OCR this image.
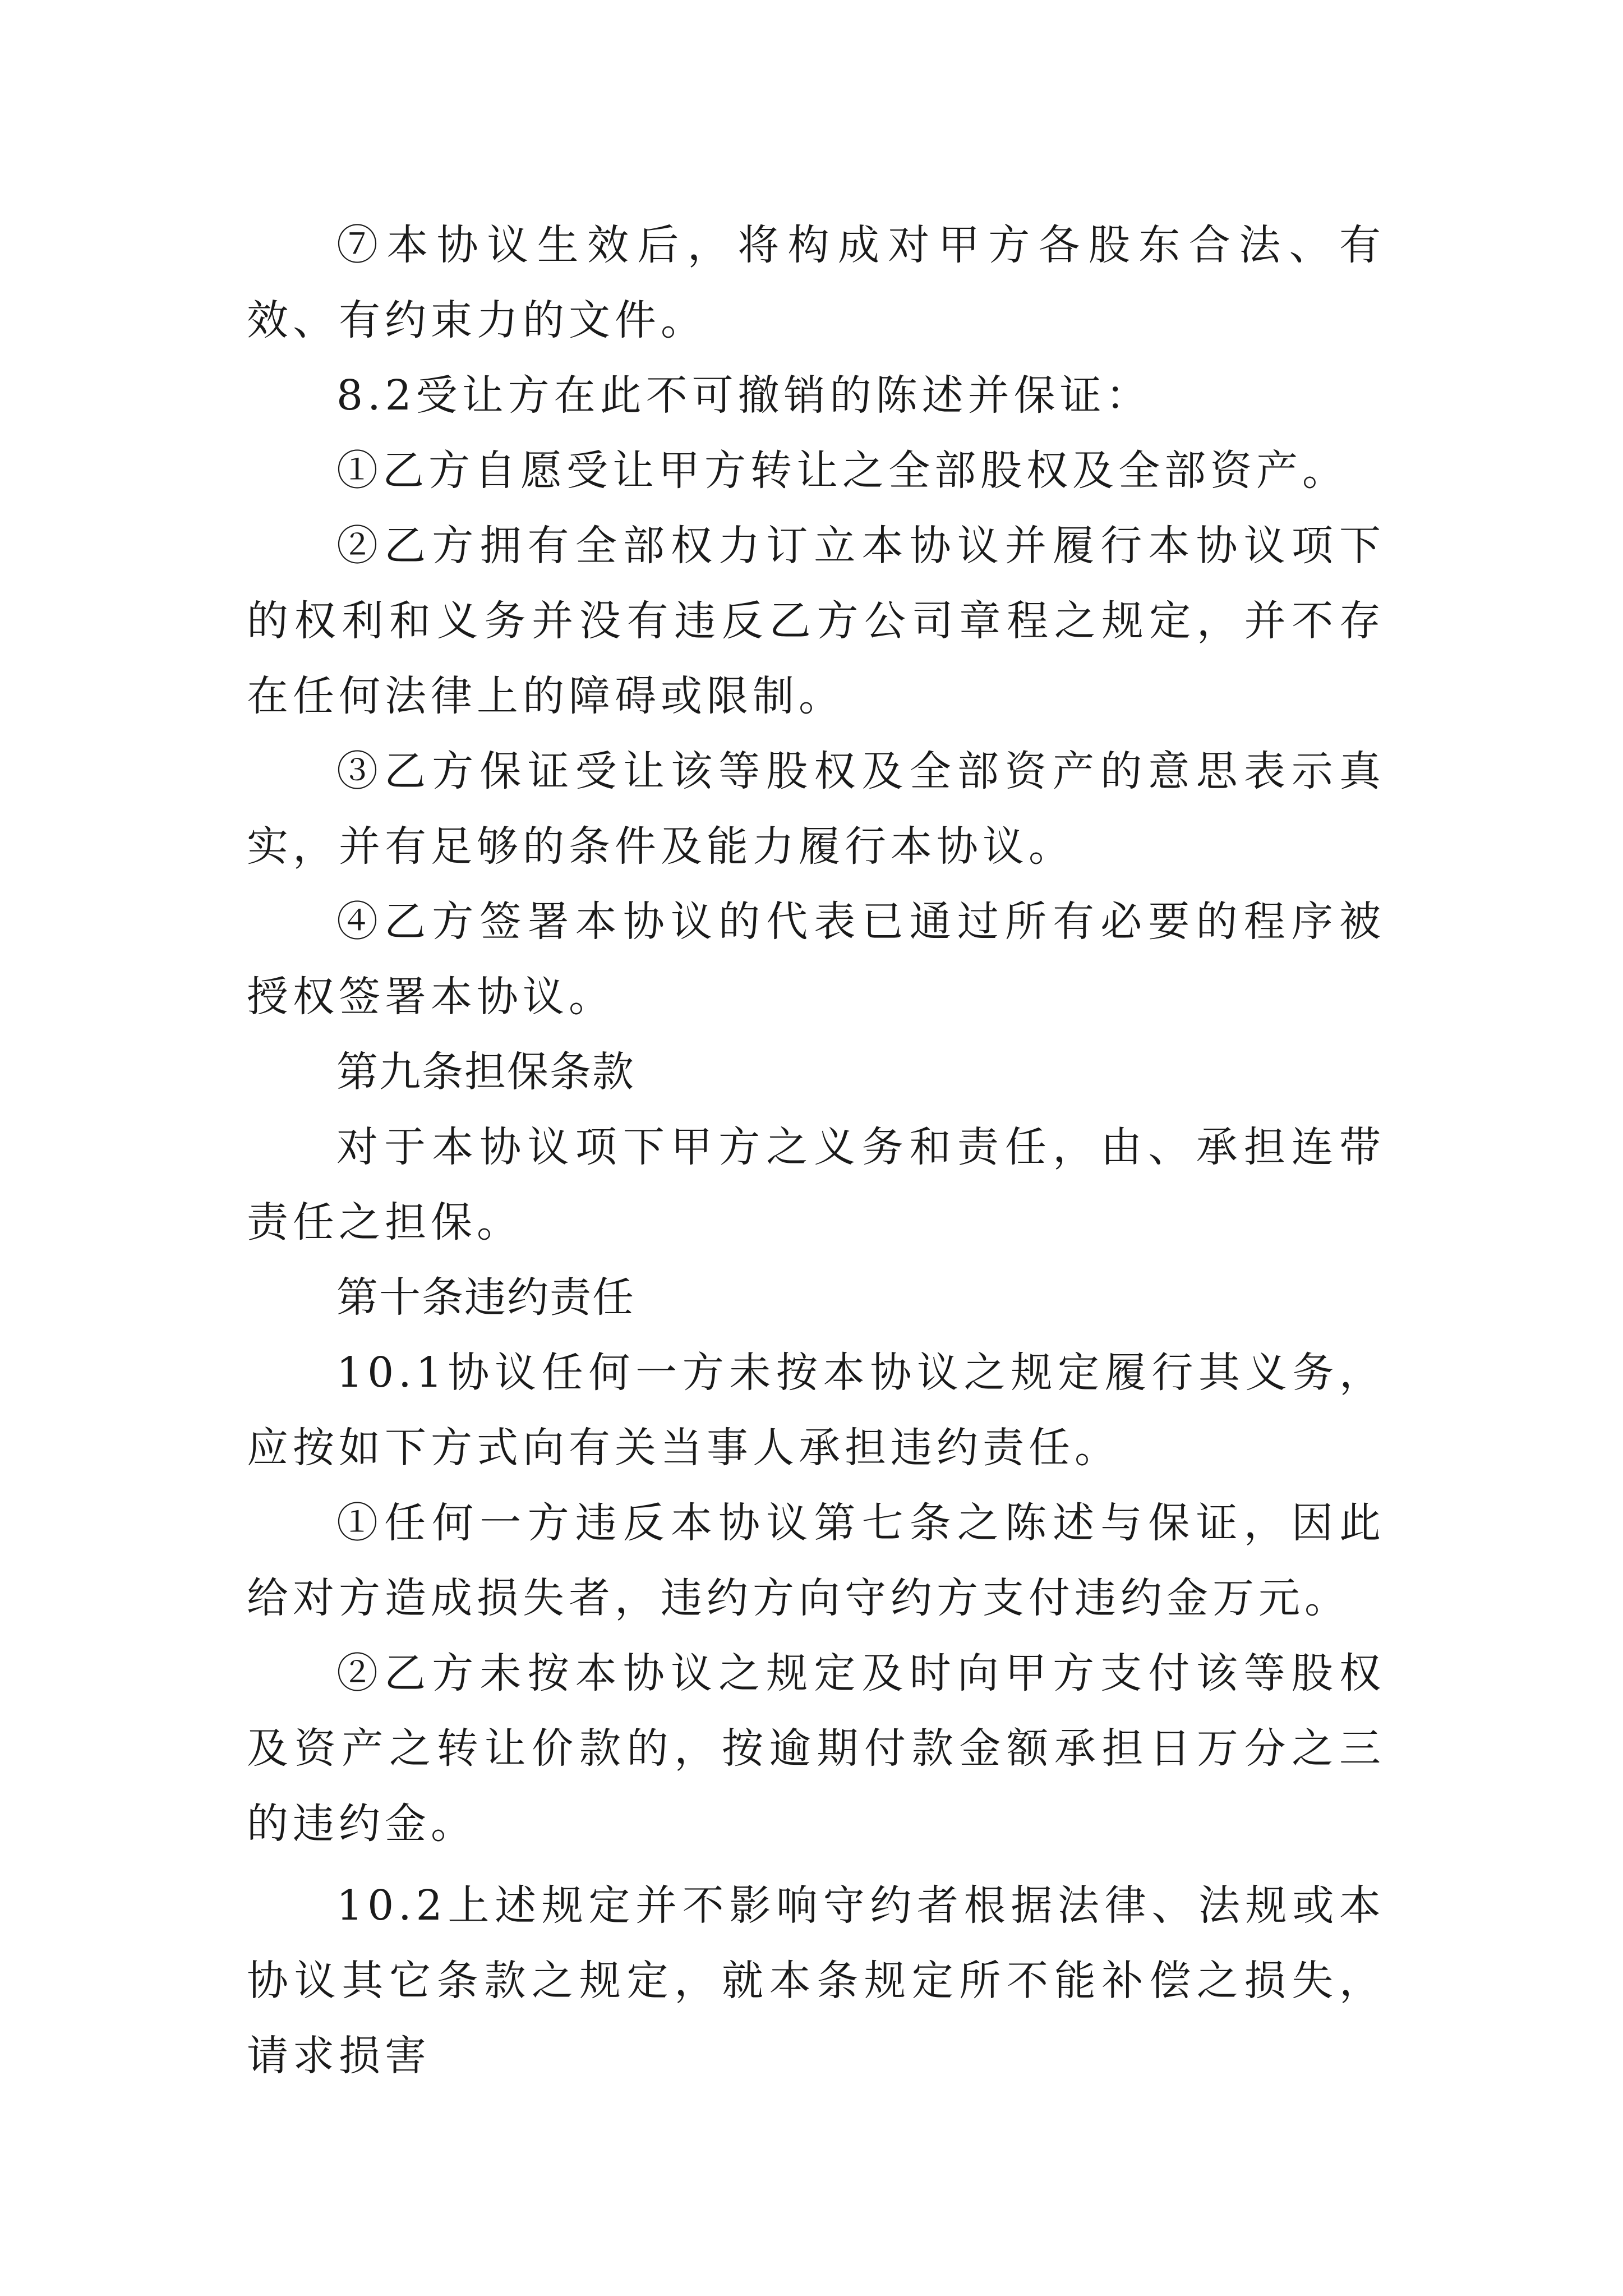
⑦本协议生效后，将构成对甲方各股东合法、有效、有约束力的文件。

8.2受让方在此不可撤销的陈述并保证：

①乙方自愿受让甲方转让之全部股权及全部资产。

②乙方拥有全部权力订立本协议并履行本协议项下的权利和义务并没有违反乙方公司章程之规定，并不存在任何法律上的障碍或限制。

③乙方保证受让该等股权及全部资产的意思表示真实，并有足够的条件及能力履行本协议。

④乙方签署本协议的代表已通过所有必要的程序被授权签署本协议。

第九条担保条款

对于本协议项下甲方之义务和责任，由、承担连带责任之担保。

第十条违约责任

10.1协议任何一方未按本协议之规定履行其义务，应按如下方式向有关当事人承担违约责任。

①任何一方违反本协议第七条之陈述与保证，因此给对方造成损失者，违约方向守约方支付违约金万元。

②乙方未按本协议之规定及时向甲方支付该等股权及资产之转让价款的，按逾期付款金额承担日万分之三的违约金。

10.2上述规定并不影响守约者根据法律、法规或本协议其它条款之规定，就本条规定所不能补偿之损失，请求损害
